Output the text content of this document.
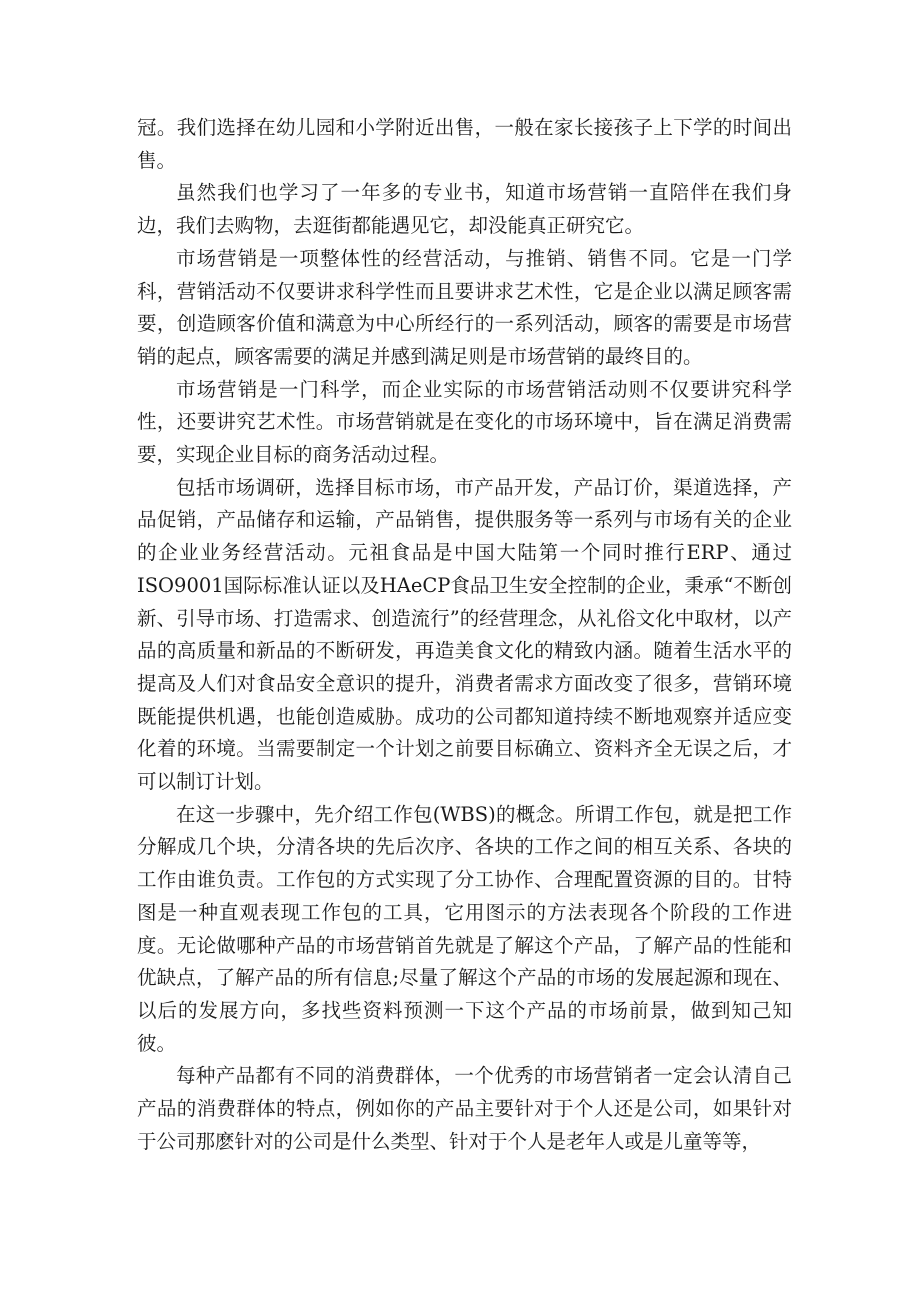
冠。我们选择在幼儿园和小学附近出售，一般在家长接孩子上下学的时间出售。

虽然我们也学习了一年多的专业书，知道市场营销一直陪伴在我们身边，我们去购物，去逛街都能遇见它，却没能真正研究它。

市场营销是一项整体性的经营活动，与推销、销售不同。它是一门学科，营销活动不仅要讲求科学性而且要讲求艺术性，它是企业以满足顾客需要，创造顾客价值和满意为中心所经行的一系列活动，顾客的需要是市场营销的起点，顾客需要的满足并感到满足则是市场营销的最终目的。

市场营销是一门科学，而企业实际的市场营销活动则不仅要讲究科学性，还要讲究艺术性。市场营销就是在变化的市场环境中，旨在满足消费需要，实现企业目标的商务活动过程。

包括市场调研，选择目标市场，市产品开发，产品订价，渠道选择，产品促销，产品储存和运输，产品销售，提供服务等一系列与市场有关的企业的企业业务经营活动。元祖食品是中国大陆第一个同时推行ERP、通过ISO9001国际标准认证以及HAeCP食品卫生安全控制的企业，秉承“不断创新、引导市场、打造需求、创造流行”的经营理念，从礼俗文化中取材，以产品的高质量和新品的不断研发，再造美食文化的精致内涵。随着生活水平的提高及人们对食品安全意识的提升，消费者需求方面改变了很多，营销环境既能提供机遇，也能创造威胁。成功的公司都知道持续不断地观察并适应变化着的环境。当需要制定一个计划之前要目标确立、资料齐全无误之后，才可以制订计划。

在这一步骤中，先介绍工作包(WBS)的概念。所谓工作包，就是把工作分解成几个块，分清各块的先后次序、各块的工作之间的相互关系、各块的工作由谁负责。工作包的方式实现了分工协作、合理配置资源的目的。甘特图是一种直观表现工作包的工具，它用图示的方法表现各个阶段的工作进度。无论做哪种产品的市场营销首先就是了解这个产品，了解产品的性能和优缺点，了解产品的所有信息;尽量了解这个产品的市场的发展起源和现在、以后的发展方向，多找些资料预测一下这个产品的市场前景，做到知己知彼。

每种产品都有不同的消费群体，一个优秀的市场营销者一定会认清自己产品的消费群体的特点，例如你的产品主要针对于个人还是公司，如果针对于公司那麽针对的公司是什么类型、针对于个人是老年人或是儿童等等，
